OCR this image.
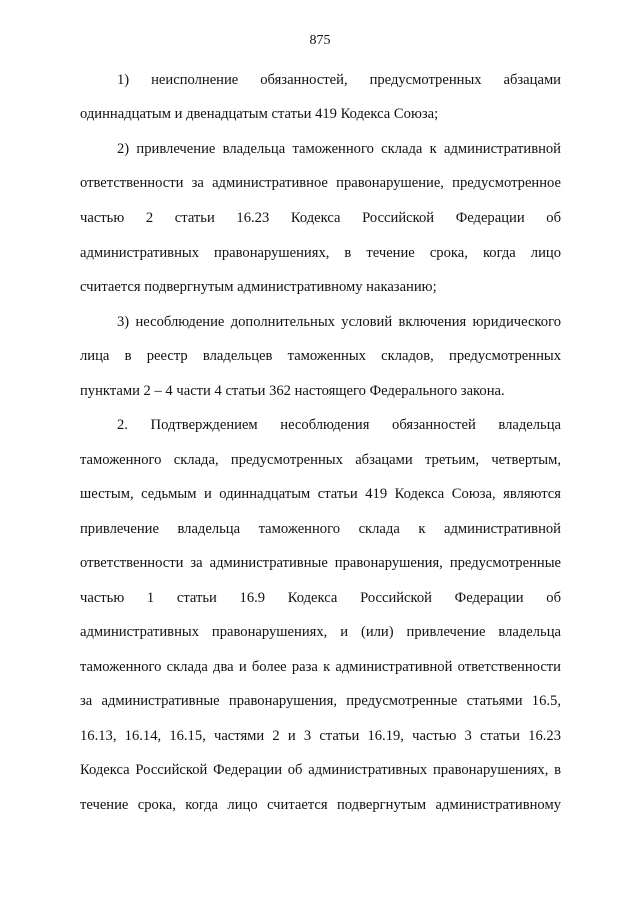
875
1) неисполнение обязанностей, предусмотренных абзацами
одиннадцатым и двенадцатым статьи 419 Кодекса Союза;
2) привлечение владельца таможенного склада к административной
ответственности за административное правонарушение, предусмотренное
частью 2 статьи 16.23 Кодекса Российской Федерации об
административных правонарушениях, в течение срока, когда лицо
считается подвергнутым административному наказанию;
3) несоблюдение дополнительных условий включения юридического
лица в реестр владельцев таможенных складов, предусмотренных
пунктами 2 – 4 части 4 статьи 362 настоящего Федерального закона.
2. Подтверждением несоблюдения обязанностей владельца
таможенного склада, предусмотренных абзацами третьим, четвертым,
шестым, седьмым и одиннадцатым статьи 419 Кодекса Союза, являются
привлечение владельца таможенного склада к административной
ответственности за административные правонарушения, предусмотренные
частью 1 статьи 16.9 Кодекса Российской Федерации об
административных правонарушениях, и (или) привлечение владельца
таможенного склада два и более раза к административной ответственности
за административные правонарушения, предусмотренные статьями 16.5,
16.13, 16.14, 16.15, частями 2 и 3 статьи 16.19, частью 3 статьи 16.23
Кодекса Российской Федерации об административных правонарушениях, в
течение срока, когда лицо считается подвергнутым административному
